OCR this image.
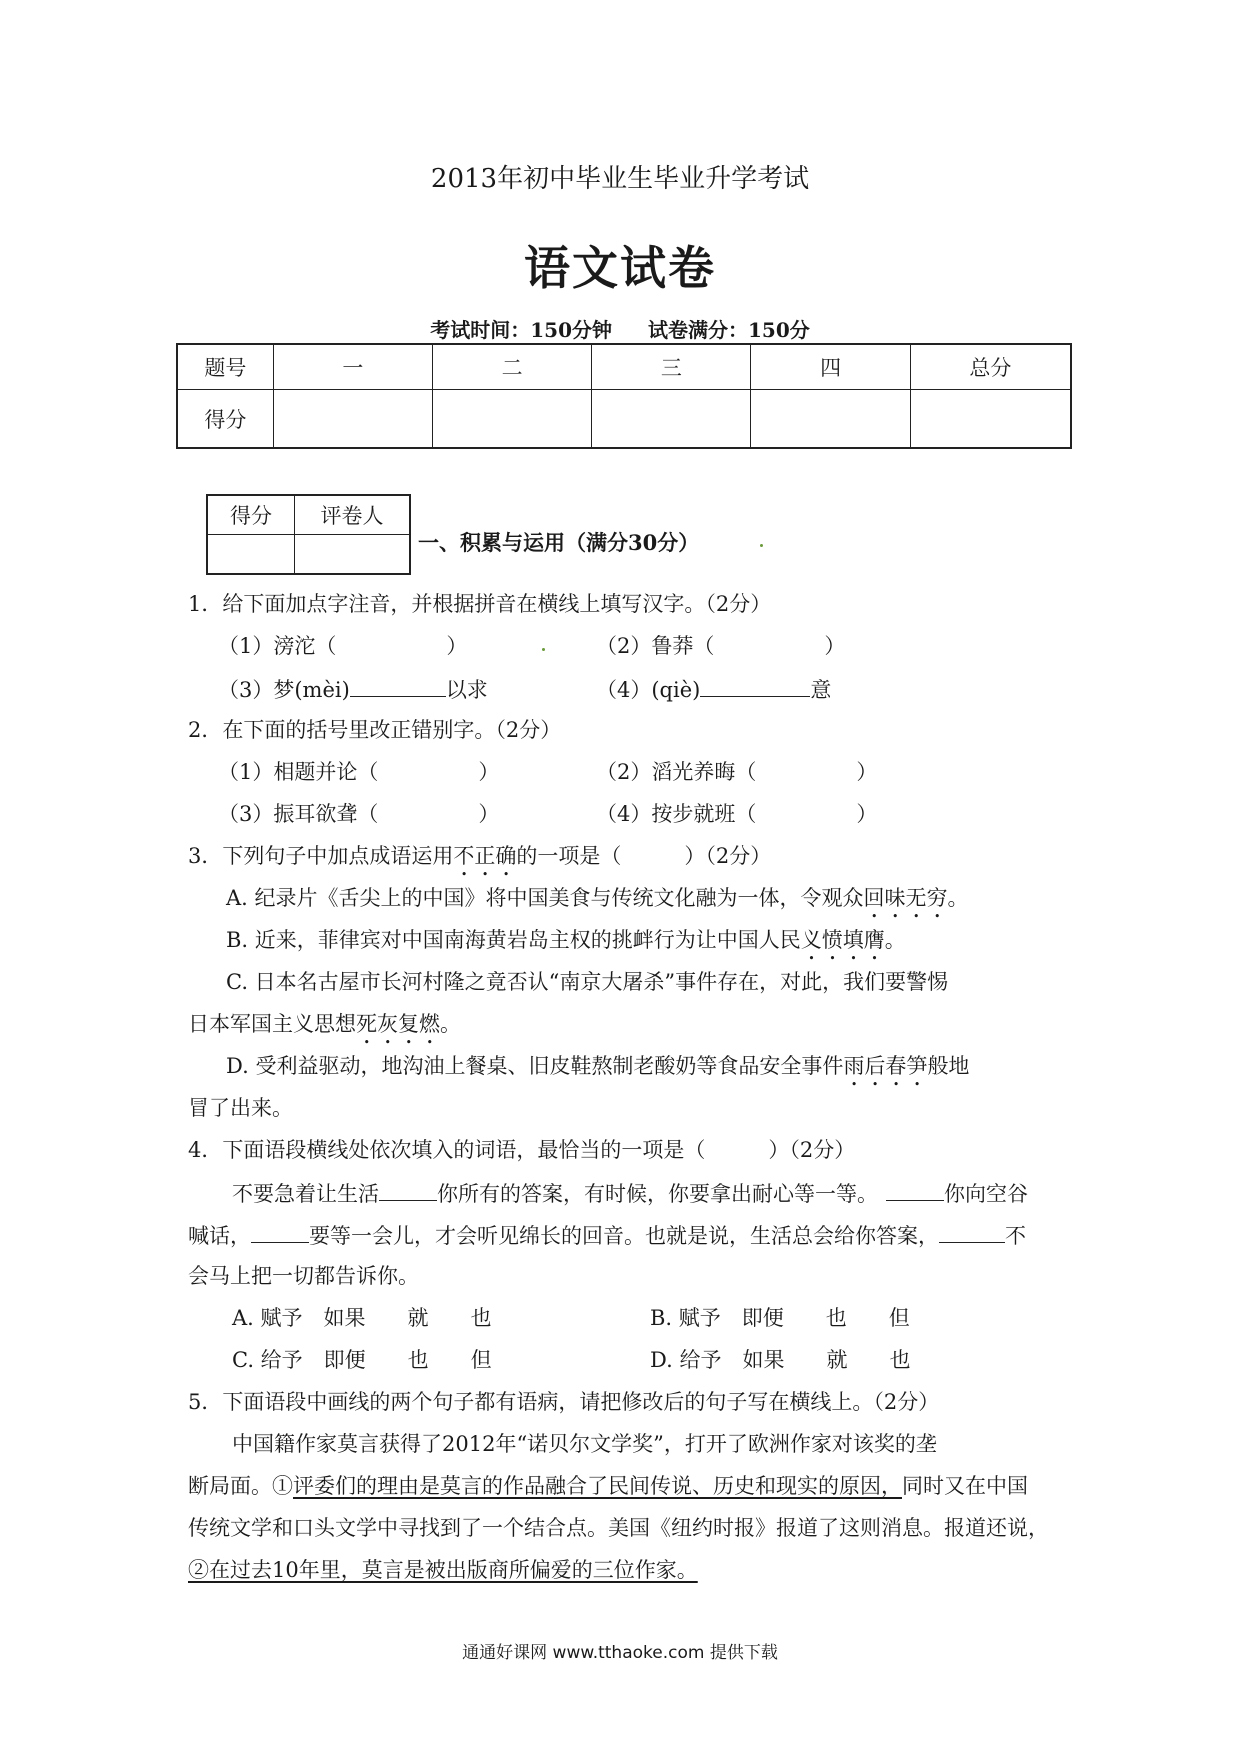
2013年初中毕业生毕业升学考试
语文试卷
考试时间：150分钟 试卷满分：150分
题号	一	二	三	四	总分
得分					
得分	评卷人

一、积累与运用（满分30分）
1．给下面加点字注音，并根据拼音在横线上填写汉字。（2分）
（1）滂沱（	）	（2）鲁莽（	）
（3）梦(mèi)	以求	（4）(qiè)	意
2．在下面的括号里改正错别字。（2分）
（1）相题并论（	）	（2）滔光养晦（	）
（3）振耳欲聋（	）	（4）按步就班（	）
3．下列句子中加点成语运用不正确的一项是（　　　）（2分）
A. 纪录片《舌尖上的中国》将中国美食与传统文化融为一体，令观众回味无穷。
B. 近来，菲律宾对中国南海黄岩岛主权的挑衅行为让中国人民义愤填膺。
C. 日本名古屋市长河村隆之竟否认“南京大屠杀”事件存在，对此，我们要警惕
日本军国主义思想死灰复燃。
D. 受利益驱动，地沟油上餐桌、旧皮鞋熬制老酸奶等食品安全事件雨后春笋般地
冒了出来。
4．下面语段横线处依次填入的词语，最恰当的一项是（　　　）（2分）
不要急着让生活	你所有的答案，有时候，你要拿出耐心等一等。	你向空谷
喊话，	要等一会儿，才会听见绵长的回音。也就是说，生活总会给你答案，	不
会马上把一切都告诉你。
A. 赋予　如果　　就　　也	B. 赋予　即便　　也　　但
C. 给予　即便　　也　　但	D. 给予　如果　　就　　也
5．下面语段中画线的两个句子都有语病，请把修改后的句子写在横线上。（2分）
中国籍作家莫言获得了2012年“诺贝尔文学奖”，打开了欧洲作家对该奖的垄
断局面。①评委们的理由是莫言的作品融合了民间传说、历史和现实的原因，同时又在中国
传统文学和口头文学中寻找到了一个结合点。美国《纽约时报》报道了这则消息。报道还说，
②在过去10年里，莫言是被出版商所偏爱的三位作家。
通通好课网 www.tthaoke.com 提供下载
